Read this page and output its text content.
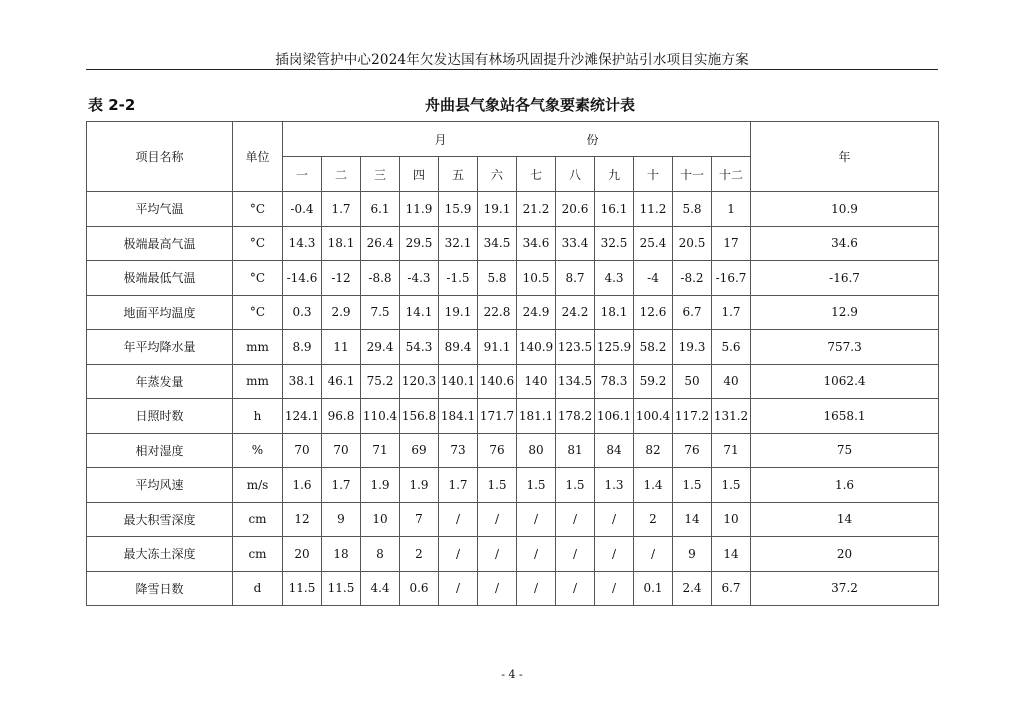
插岗梁管护中心2024年欠发达国有林场巩固提升沙滩保护站引水项目实施方案
表 2-2	舟曲县气象站各气象要素统计表
项目名称	单位	月 份												年
		一	二	三	四	五	六	七	八	九	十	十一	十二	
平均气温	°C	-0.4	1.7	6.1	11.9	15.9	19.1	21.2	20.6	16.1	11.2	5.8	1	10.9
极端最高气温	°C	14.3	18.1	26.4	29.5	32.1	34.5	34.6	33.4	32.5	25.4	20.5	17	34.6
极端最低气温	°C	-14.6	-12	-8.8	-4.3	-1.5	5.8	10.5	8.7	4.3	-4	-8.2	-16.7	-16.7
地面平均温度	°C	0.3	2.9	7.5	14.1	19.1	22.8	24.9	24.2	18.1	12.6	6.7	1.7	12.9
年平均降水量	mm	8.9	11	29.4	54.3	89.4	91.1	140.9	123.5	125.9	58.2	19.3	5.6	757.3
年蒸发量	mm	38.1	46.1	75.2	120.3	140.1	140.6	140	134.5	78.3	59.2	50	40	1062.4
日照时数	h	124.1	96.8	110.4	156.8	184.1	171.7	181.1	178.2	106.1	100.4	117.2	131.2	1658.1
相对湿度	%	70	70	71	69	73	76	80	81	84	82	76	71	75
平均风速	m/s	1.6	1.7	1.9	1.9	1.7	1.5	1.5	1.5	1.3	1.4	1.5	1.5	1.6
最大积雪深度	cm	12	9	10	7	/	/	/	/	/	2	14	10	14
最大冻土深度	cm	20	18	8	2	/	/	/	/	/	/	9	14	20
降雪日数	d	11.5	11.5	4.4	0.6	/	/	/	/	/	0.1	2.4	6.7	37.2
- 4 -
